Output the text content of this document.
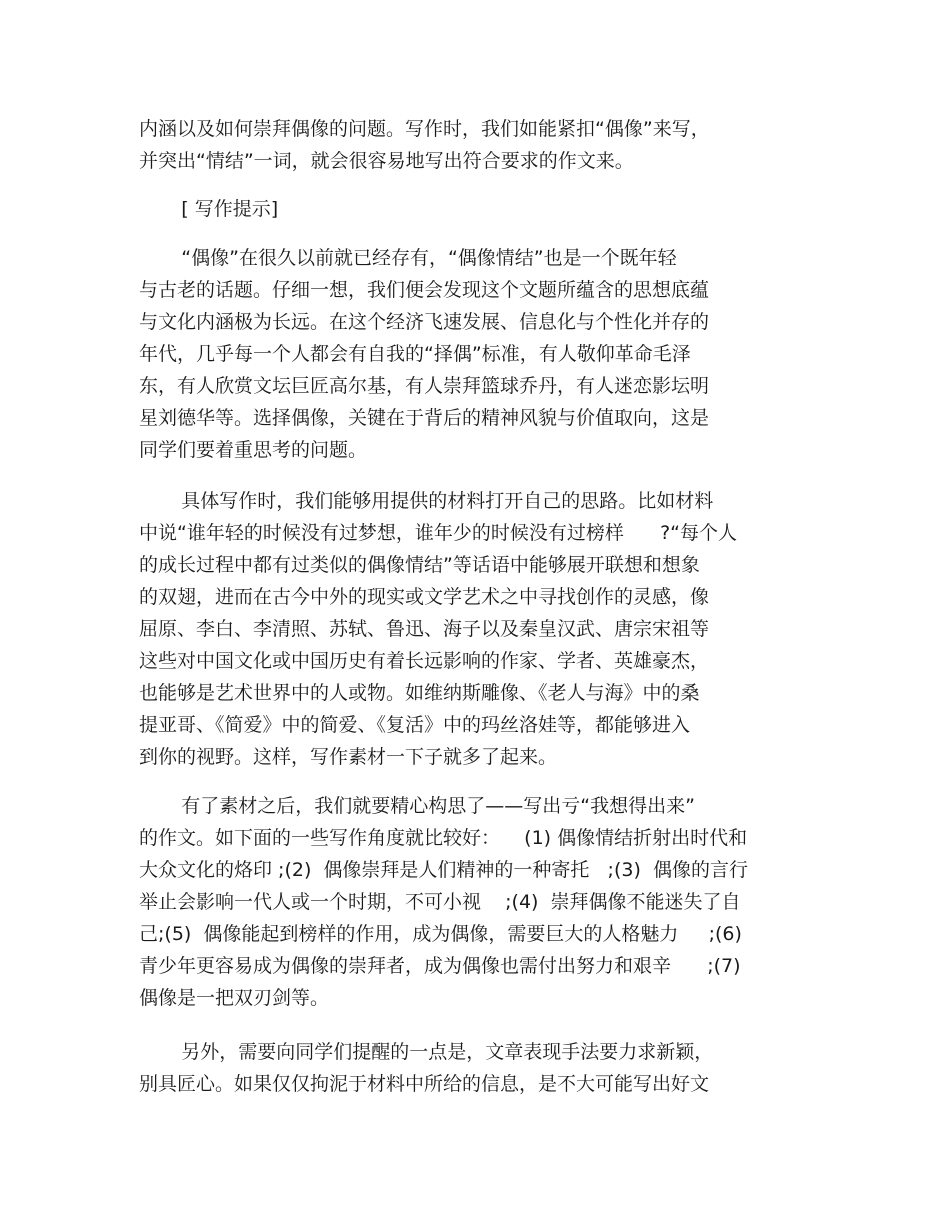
内涵以及如何崇拜偶像的问题。写作时，我们如能紧扣“偶像”来写，
并突出“情结”一词，就会很容易地写出符合要求的作文来。

[ 写作提示]

“偶像”在很久以前就已经存有，“偶像情结”也是一个既年轻
与古老的话题。仔细一想，我们便会发现这个文题所蕴含的思想底蕴
与文化内涵极为长远。在这个经济飞速发展、信息化与个性化并存的
年代，几乎每一个人都会有自我的“择偶”标准，有人敬仰革命毛泽
东，有人欣赏文坛巨匠高尔基，有人崇拜篮球乔丹，有人迷恋影坛明
星刘德华等。选择偶像，关键在于背后的精神风貌与价值取向，这是
同学们要着重思考的问题。

具体写作时，我们能够用提供的材料打开自己的思路。比如材料
中说“谁年轻的时候没有过梦想，谁年少的时候没有过榜样      ?“每个人
的成长过程中都有过类似的偶像情结”等话语中能够展开联想和想象
的双翅，进而在古今中外的现实或文学艺术之中寻找创作的灵感，像
屈原、李白、李清照、苏轼、鲁迅、海子以及秦皇汉武、唐宗宋祖等
这些对中国文化或中国历史有着长远影响的作家、学者、英雄豪杰，
也能够是艺术世界中的人或物。如维纳斯雕像、《老人与海》中的桑
提亚哥、《简爱》中的简爱、《复活》中的玛丝洛娃等，都能够进入
到你的视野。这样，写作素材一下子就多了起来。

有了素材之后，我们就要精心构思了——写出亏“我想得出来”
的作文。如下面的一些写作角度就比较好：    (1) 偶像情结折射出时代和
大众文化的烙印 ;(2)  偶像崇拜是人们精神的一种寄托   ;(3)  偶像的言行
举止会影响一代人或一个时期，不可小视    ;(4)  崇拜偶像不能迷失了自
己;(5)  偶像能起到榜样的作用，成为偶像，需要巨大的人格魅力     ;(6)
青少年更容易成为偶像的崇拜者，成为偶像也需付出努力和艰辛      ;(7)
偶像是一把双刃剑等。

另外，需要向同学们提醒的一点是，文章表现手法要力求新颖，
别具匠心。如果仅仅拘泥于材料中所给的信息，是不大可能写出好文
